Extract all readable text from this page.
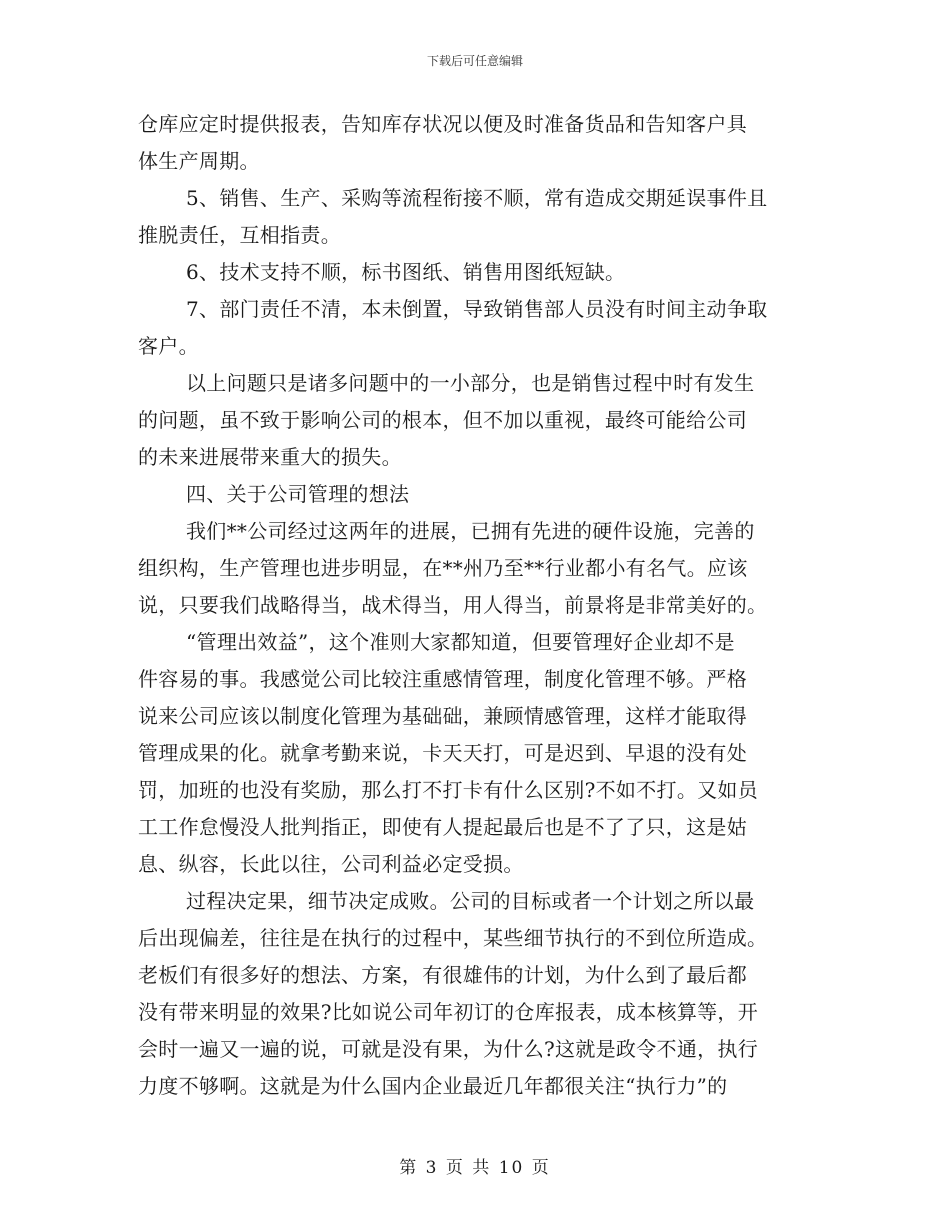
下载后可任意编辑
仓库应定时提供报表，告知库存状况以便及时准备货品和告知客户具
体生产周期。
5、销售、生产、采购等流程衔接不顺，常有造成交期延误事件且
推脱责任，互相指责。
6、技术支持不顺，标书图纸、销售用图纸短缺。
7、部门责任不清，本未倒置，导致销售部人员没有时间主动争取
客户。
以上问题只是诸多问题中的一小部分，也是销售过程中时有发生
的问题，虽不致于影响公司的根本，但不加以重视，最终可能给公司
的未来进展带来重大的损失。
四、关于公司管理的想法
我们**公司经过这两年的进展，已拥有先进的硬件设施，完善的
组织构，生产管理也进步明显，在**州乃至**行业都小有名气。应该
说，只要我们战略得当，战术得当，用人得当，前景将是非常美好的。
“管理出效益”，这个准则大家都知道，但要管理好企业却不是
件容易的事。我感觉公司比较注重感情管理，制度化管理不够。严格
说来公司应该以制度化管理为基础础，兼顾情感管理，这样才能取得
管理成果的化。就拿考勤来说，卡天天打，可是迟到、早退的没有处
罚，加班的也没有奖励，那么打不打卡有什么区别?不如不打。又如员
工工作怠慢没人批判指正，即使有人提起最后也是不了了只，这是姑
息、纵容，长此以往，公司利益必定受损。
过程决定果，细节决定成败。公司的目标或者一个计划之所以最
后出现偏差，往往是在执行的过程中，某些细节执行的不到位所造成。
老板们有很多好的想法、方案，有很雄伟的计划，为什么到了最后都
没有带来明显的效果?比如说公司年初订的仓库报表，成本核算等，开
会时一遍又一遍的说，可就是没有果，为什么?这就是政令不通，执行
力度不够啊。这就是为什么国内企业最近几年都很关注“执行力”的
第 3 页 共 10 页
